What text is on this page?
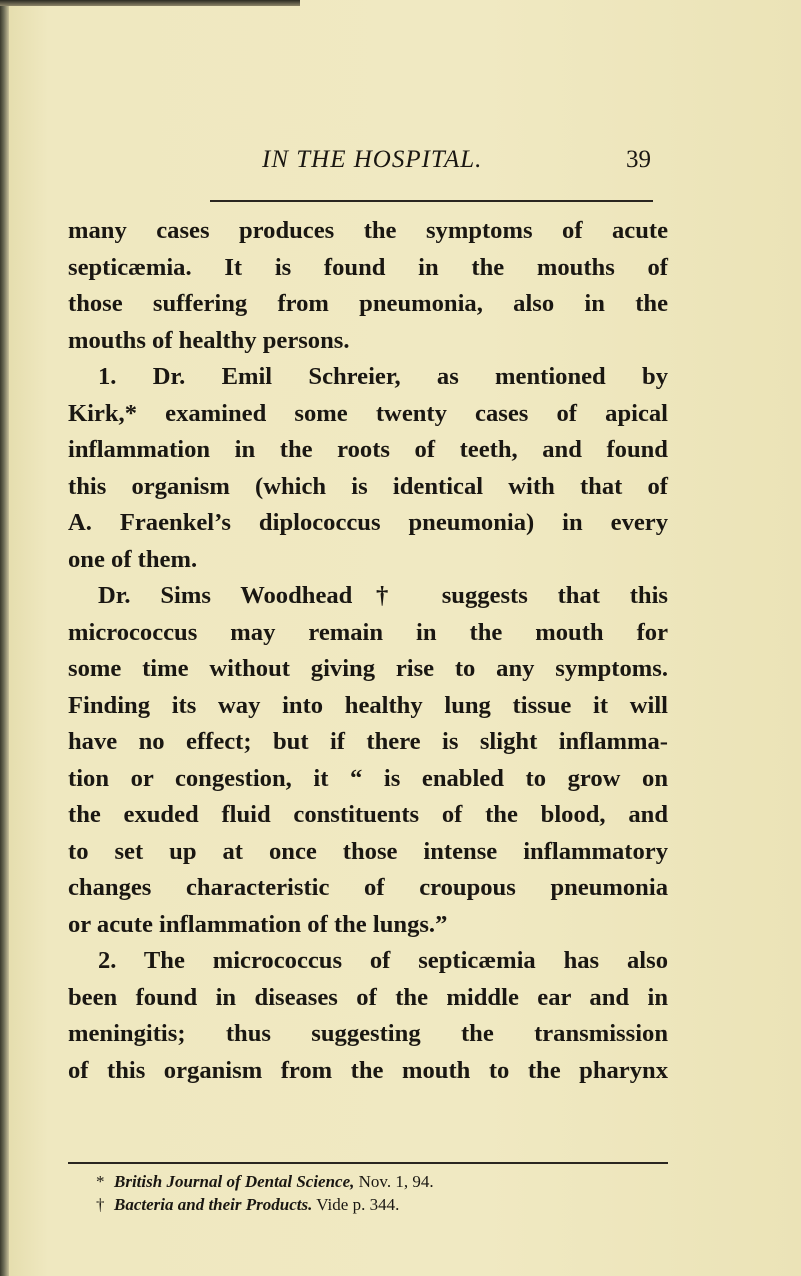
IN THE HOSPITAL.	39
many cases produces the symptoms of acute
septicæmia. It is found in the mouths of
those suffering from pneumonia, also in the
mouths of healthy persons.
1. Dr. Emil Schreier, as mentioned by
Kirk,* examined some twenty cases of apical
inflammation in the roots of teeth, and found
this organism (which is identical with that of
A. Fraenkel’s diplococcus pneumonia) in every
one of them.
Dr. Sims Woodhead† suggests that this
micrococcus may remain in the mouth for
some time without giving rise to any symptoms.
Finding its way into healthy lung tissue it will
have no effect; but if there is slight inflamma-
tion or congestion, it “ is enabled to grow on
the exuded fluid constituents of the blood, and
to set up at once those intense inflammatory
changes characteristic of croupous pneumonia
or acute inflammation of the lungs.”
2. The micrococcus of septicæmia has also
been found in diseases of the middle ear and in
meningitis; thus suggesting the transmission
of this organism from the mouth to the pharynx
* British Journal of Dental Science, Nov. 1, 94.
† Bacteria and their Products. Vide p. 344.
